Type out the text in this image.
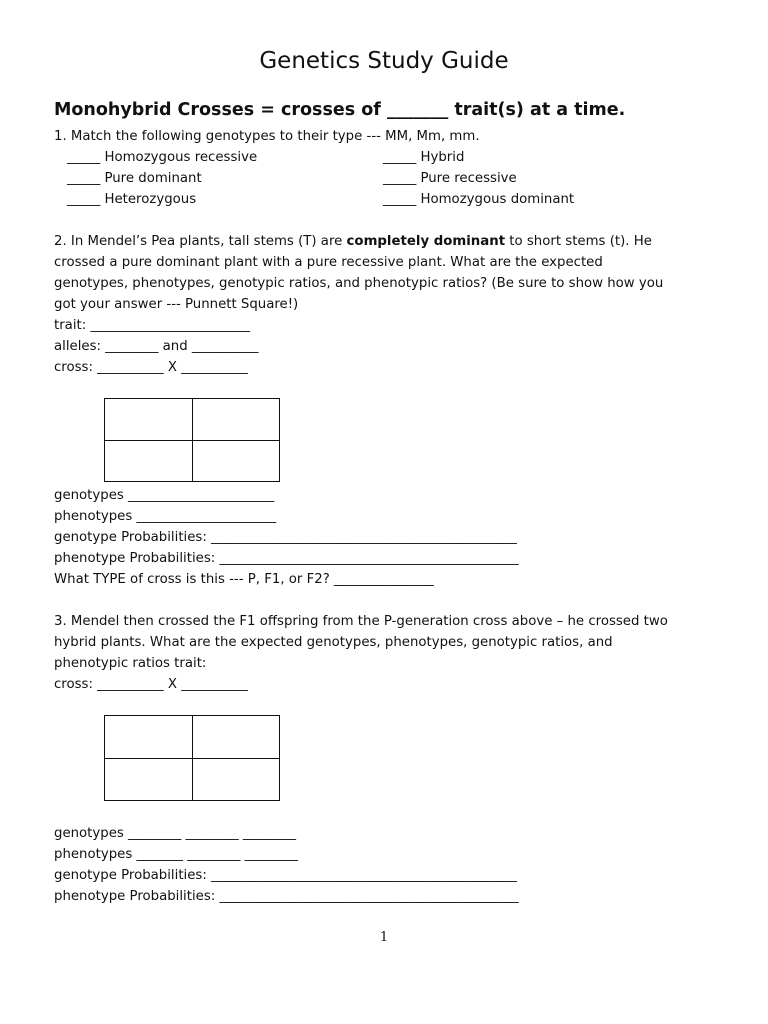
Genetics Study Guide
Monohybrid Crosses = crosses of _______ trait(s) at a time.
1. Match the following genotypes to their type --- MM, Mm, mm.
_____ Homozygous recessive	_____ Hybrid
_____ Pure dominant	_____ Pure recessive
_____ Heterozygous	_____ Homozygous dominant
2. In Mendel’s Pea plants, tall stems (T) are completely dominant to short stems (t). He
crossed a pure dominant plant with a pure recessive plant. What are the expected
genotypes, phenotypes, genotypic ratios, and phenotypic ratios? (Be sure to show how you
got your answer --- Punnett Square!)
trait: ________________________
alleles: ________ and __________
cross: __________ X __________
genotypes ______________________
phenotypes _____________________
genotype Probabilities: ______________________________________________
phenotype Probabilities: _____________________________________________
What TYPE of cross is this --- P, F1, or F2? _______________
3. Mendel then crossed the F1 offspring from the P-generation cross above – he crossed two
hybrid plants. What are the expected genotypes, phenotypes, genotypic ratios, and
phenotypic ratios trait:
cross: __________ X __________
genotypes ________ ________ ________
phenotypes _______ ________ ________
genotype Probabilities: ______________________________________________
phenotype Probabilities: _____________________________________________
1
